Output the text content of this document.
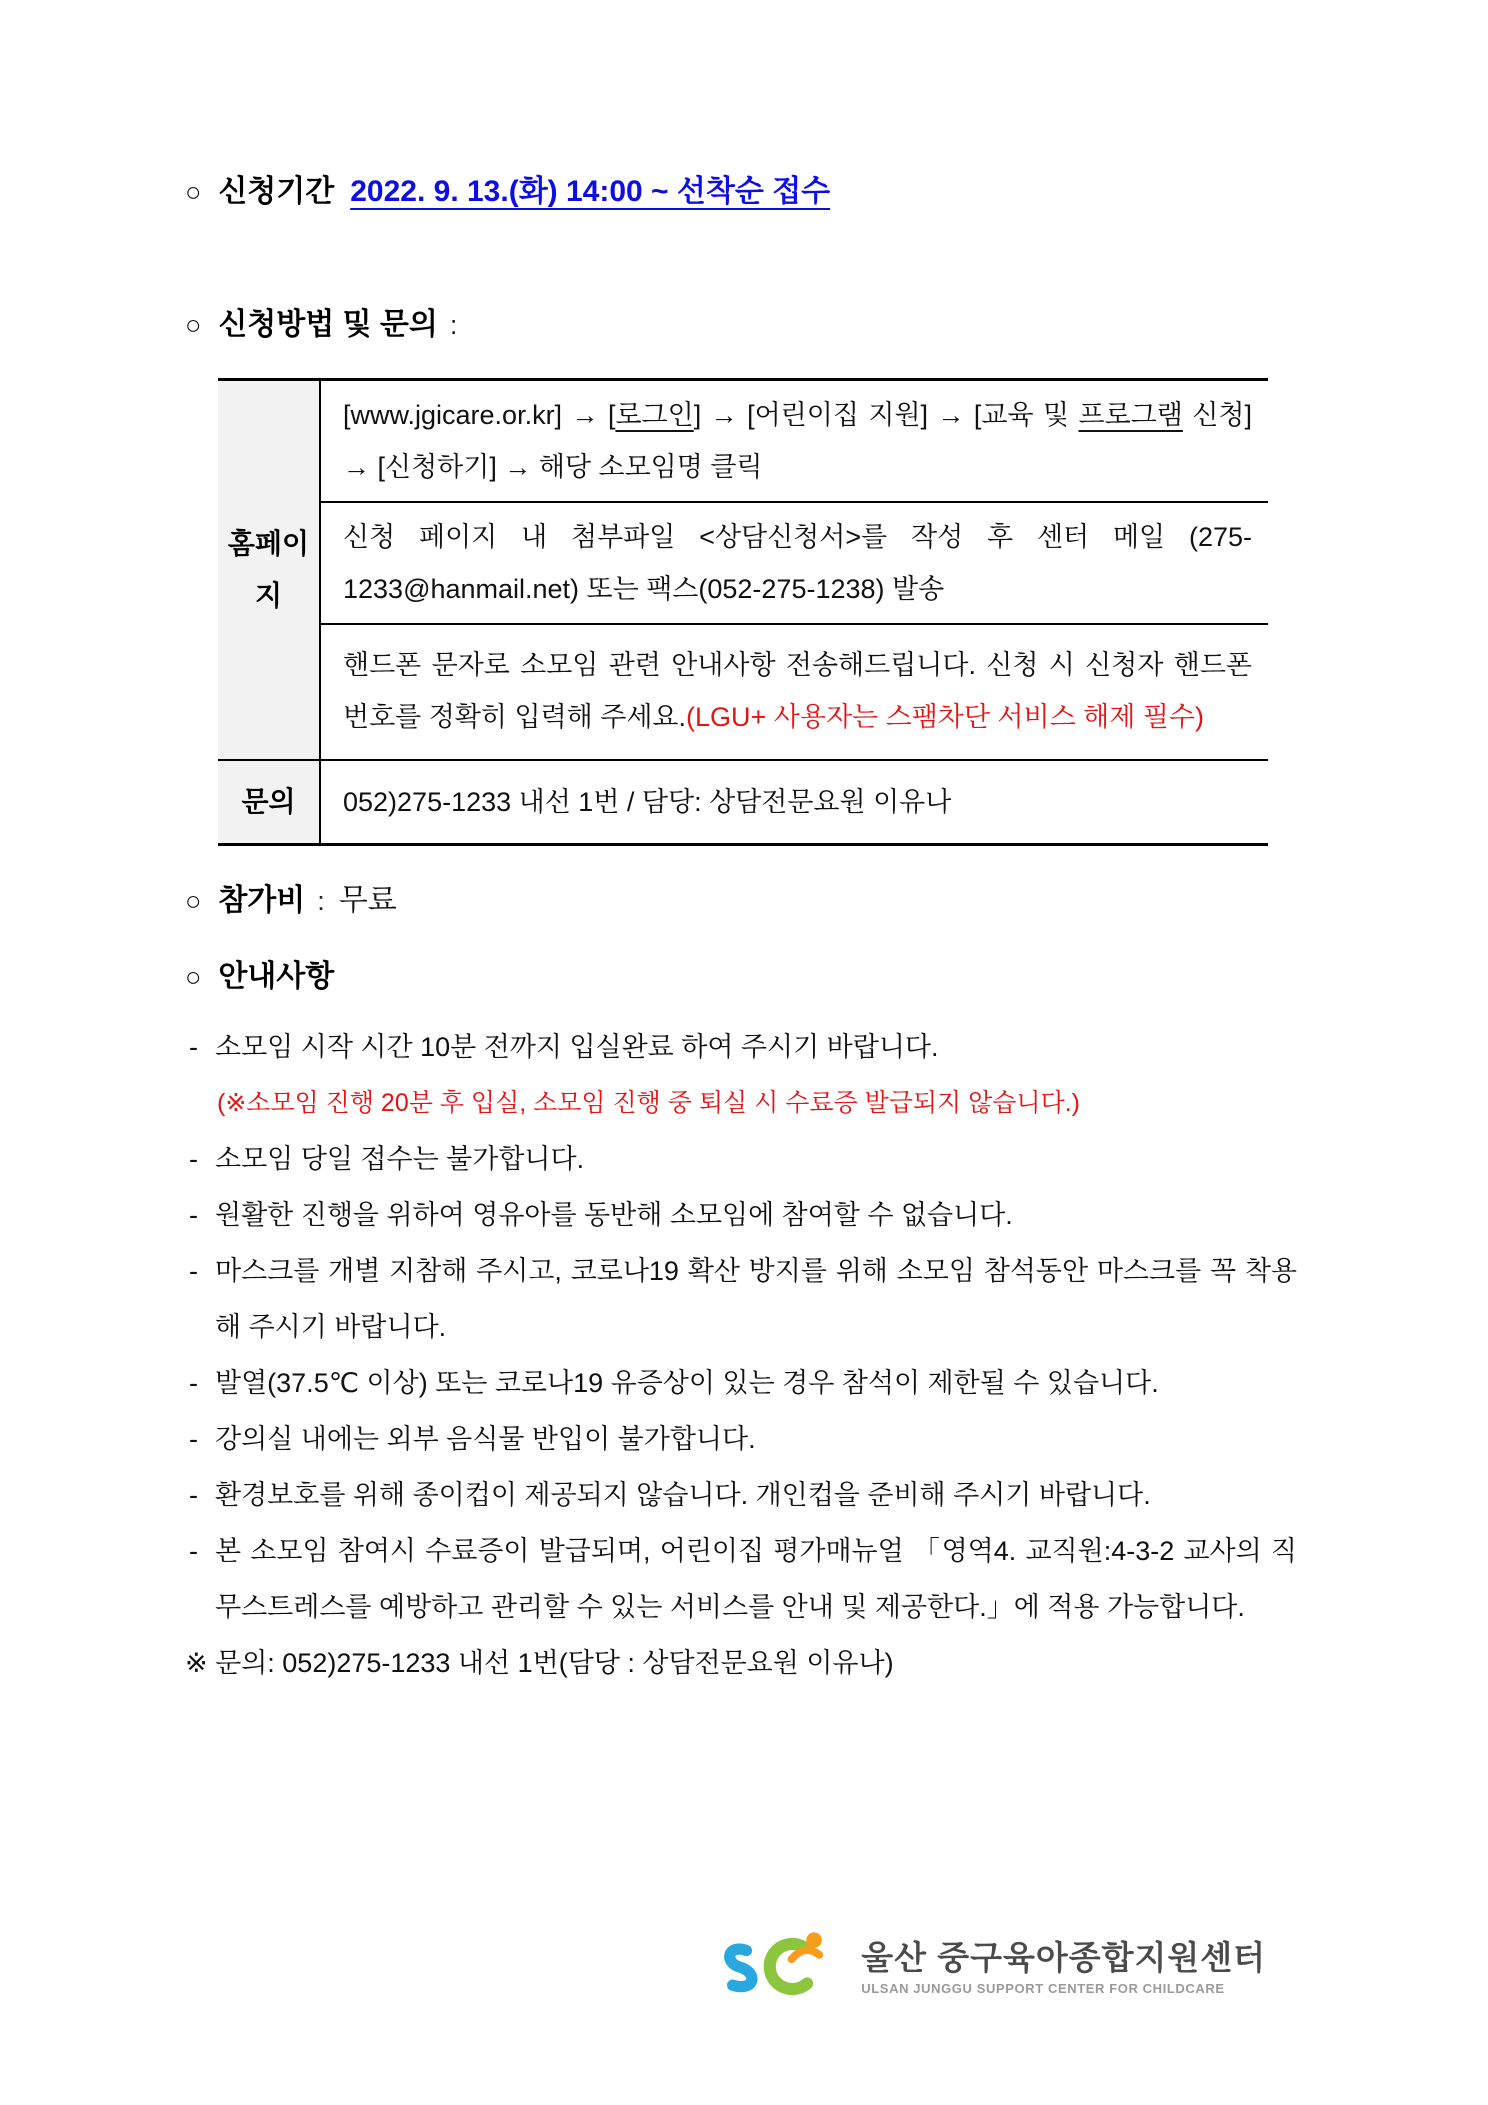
○ 신청기간 2022. 9. 13.(화) 14:00 ~ 선착순 접수
○ 신청방법 및 문의 :
홈페이지
[www.jgicare.or.kr] → [로그인] → [어린이집 지원] → [교육 및 프로그램 신청] → [신청하기] → 해당 소모임명 클릭
신청 페이지 내 첨부파일 <상담신청서>를 작성 후 센터 메일 (275-1233@hanmail.net) 또는 팩스(052-275-1238) 발송
핸드폰 문자로 소모임 관련 안내사항 전송해드립니다. 신청 시 신청자 핸드폰 번호를 정확히 입력해 주세요.(LGU+ 사용자는 스팸차단 서비스 해제 필수)
문의	052)275-1233 내선 1번 / 담당: 상담전문요원 이유나
○ 참가비 : 무료
○ 안내사항
- 소모임 시작 시간 10분 전까지 입실완료 하여 주시기 바랍니다.
(※소모임 진행 20분 후 입실, 소모임 진행 중 퇴실 시 수료증 발급되지 않습니다.)
- 소모임 당일 접수는 불가합니다.
- 원활한 진행을 위하여 영유아를 동반해 소모임에 참여할 수 없습니다.
- 마스크를 개별 지참해 주시고, 코로나19 확산 방지를 위해 소모임 참석동안 마스크를 꼭 착용해 주시기 바랍니다.
- 발열(37.5℃ 이상) 또는 코로나19 유증상이 있는 경우 참석이 제한될 수 있습니다.
- 강의실 내에는 외부 음식물 반입이 불가합니다.
- 환경보호를 위해 종이컵이 제공되지 않습니다. 개인컵을 준비해 주시기 바랍니다.
- 본 소모임 참여시 수료증이 발급되며, 어린이집 평가매뉴얼 「영역4. 교직원:4-3-2 교사의 직무스트레스를 예방하고 관리할 수 있는 서비스를 안내 및 제공한다.」에 적용 가능합니다.
※ 문의: 052)275-1233 내선 1번(담당 : 상담전문요원 이유나)
울산 중구육아종합지원센터
ULSAN JUNGGU SUPPORT CENTER FOR CHILDCARE
